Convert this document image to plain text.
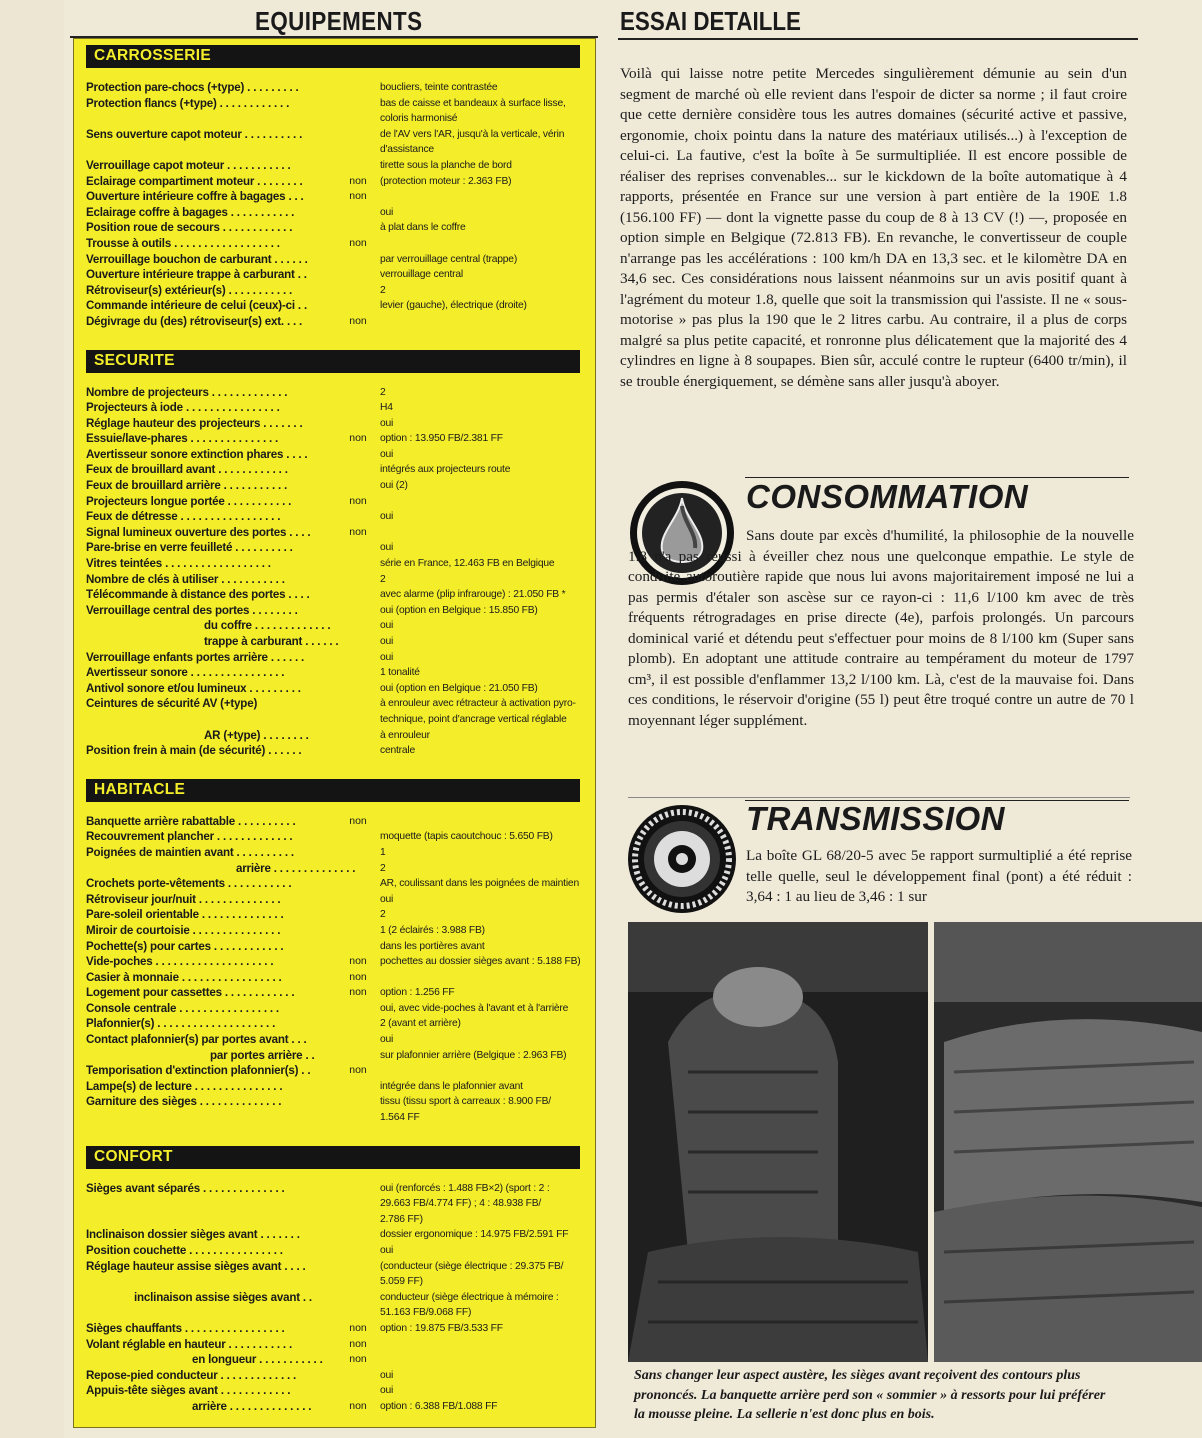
EQUIPEMENTS
CARROSSERIE
Protection pare-chocs (+type) . . . . . . . . .	boucliers, teinte contrastée
Protection flancs (+type) . . . . . . . . . . . .	bas de caisse et bandeaux à surface lisse,
coloris harmonisé
Sens ouverture capot moteur . . . . . . . . . .	de l'AV vers l'AR, jusqu'à la verticale, vérin
d'assistance
Verrouillage capot moteur . . . . . . . . . . .	tirette sous la planche de bord
Eclairage compartiment moteur . . . . . . . .	non	(protection moteur : 2.363 FB)
Ouverture intérieure coffre à bagages . . .	non
Eclairage coffre à bagages . . . . . . . . . . .	oui
Position roue de secours . . . . . . . . . . . .	à plat dans le coffre
Trousse à outils . . . . . . . . . . . . . . . . . .	non
Verrouillage bouchon de carburant . . . . . .	par verrouillage central (trappe)
Ouverture intérieure trappe à carburant . .	verrouillage central
Rétroviseur(s) extérieur(s) . . . . . . . . . . .	2
Commande intérieure de celui (ceux)-ci . .	levier (gauche), électrique (droite)
Dégivrage du (des) rétroviseur(s) ext. . . .	non
SECURITE
Nombre de projecteurs . . . . . . . . . . . . .	2
Projecteurs à iode . . . . . . . . . . . . . . . .	H4
Réglage hauteur des projecteurs . . . . . . .	oui
Essuie/lave-phares . . . . . . . . . . . . . . .	non	option : 13.950 FB/2.381 FF
Avertisseur sonore extinction phares . . . .	oui
Feux de brouillard avant . . . . . . . . . . . .	intégrés aux projecteurs route
Feux de brouillard arrière . . . . . . . . . . .	oui (2)
Projecteurs longue portée . . . . . . . . . . .	non
Feux de détresse . . . . . . . . . . . . . . . . .	oui
Signal lumineux ouverture des portes . . . .	non
Pare-brise en verre feuilleté . . . . . . . . . .	oui
Vitres teintées . . . . . . . . . . . . . . . . . .	série en France, 12.463 FB en Belgique
Nombre de clés à utiliser . . . . . . . . . . .	2
Télécommande à distance des portes . . . .	avec alarme (plip infrarouge) : 21.050 FB *
Verrouillage central des portes . . . . . . . .	oui (option en Belgique : 15.850 FB)
du coffre . . . . . . . . . . . . .	oui
trappe à carburant . . . . . .	oui
Verrouillage enfants portes arrière . . . . . .	oui
Avertisseur sonore . . . . . . . . . . . . . . . .	1 tonalité
Antivol sonore et/ou lumineux . . . . . . . . .	oui (option en Belgique : 21.050 FB)
Ceintures de sécurité AV (+type)	à enrouleur avec rétracteur à activation pyro-
technique, point d'ancrage vertical réglable
AR (+type) . . . . . . . .	à enrouleur
Position frein à main (de sécurité) . . . . . .	centrale
HABITACLE
Banquette arrière rabattable . . . . . . . . . .	non
Recouvrement plancher . . . . . . . . . . . . .	moquette (tapis caoutchouc : 5.650 FB)
Poignées de maintien avant . . . . . . . . . .	1
arrière . . . . . . . . . . . . . . 2
Crochets porte-vêtements . . . . . . . . . . .	AR, coulissant dans les poignées de maintien
Rétroviseur jour/nuit . . . . . . . . . . . . . .	oui
Pare-soleil orientable . . . . . . . . . . . . . .	2
Miroir de courtoisie . . . . . . . . . . . . . . .	1 (2 éclairés : 3.988 FB)
Pochette(s) pour cartes . . . . . . . . . . . .	dans les portières avant
Vide-poches . . . . . . . . . . . . . . . . . . . .	non	pochettes au dossier sièges avant : 5.188 FB)
Casier à monnaie . . . . . . . . . . . . . . . . .	non
Logement pour cassettes . . . . . . . . . . . .	non	option : 1.256 FF
Console centrale . . . . . . . . . . . . . . . . .	oui, avec vide-poches à l'avant et à l'arrière
Plafonnier(s) . . . . . . . . . . . . . . . . . . . .	2 (avant et arrière)
Contact plafonnier(s) par portes avant . . .	oui
par portes arrière . .	sur plafonnier arrière (Belgique : 2.963 FB)
Temporisation d'extinction plafonnier(s) . .	non
Lampe(s) de lecture . . . . . . . . . . . . . . .	intégrée dans le plafonnier avant
Garniture des sièges . . . . . . . . . . . . . .	tissu (tissu sport à carreaux : 8.900 FB/
1.564 FF
CONFORT
Sièges avant séparés . . . . . . . . . . . . . .	oui (renforcés : 1.488 FB×2) (sport : 2 :
29.663 FB/4.774 FF) ; 4 : 48.938 FB/
2.786 FF)
Inclinaison dossier sièges avant . . . . . . .	dossier ergonomique : 14.975 FB/2.591 FF
Position couchette . . . . . . . . . . . . . . . .	oui
Réglage hauteur assise sièges avant . . . .	(conducteur (siège électrique : 29.375 FB/
5.059 FF)
inclinaison assise sièges avant . .	conducteur (siège électrique à mémoire :
51.163 FB/9.068 FF)
Sièges chauffants . . . . . . . . . . . . . . . . .	non	option : 19.875 FB/3.533 FF
Volant réglable en hauteur . . . . . . . . . . .	non
en longueur . . . . . . . . . . .	non
Repose-pied conducteur . . . . . . . . . . . . .	oui
Appuis-tête sièges avant . . . . . . . . . . . .	oui
arrière . . . . . . . . . . . . . .	non	option : 6.388 FB/1.088 FF
ESSAI DETAILLE
Voilà qui laisse notre petite Mercedes singulièrement démunie au sein d'un segment de marché où elle revient dans l'espoir de dicter sa norme ; il faut croire que cette dernière considère tous les autres domaines (sécurité active et passive, ergonomie, choix pointu dans la nature des matériaux utilisés...) à l'exception de celui-ci. La fautive, c'est la boîte à 5e surmultipliée. Il est encore possible de réaliser des reprises convenables... sur le kickdown de la boîte automatique à 4 rapports, présentée en France sur une version à part entière de la 190E 1.8 (156.100 FF) — dont la vignette passe du coup de 8 à 13 CV (!) —, proposée en option simple en Belgique (72.813 FB). En revanche, le convertisseur de couple n'arrange pas les accélérations : 100 km/h DA en 13,3 sec. et le kilomètre DA en 34,6 sec. Ces considérations nous laissent néanmoins sur un avis positif quant à l'agrément du moteur 1.8, quelle que soit la transmission qui l'assiste. Il ne « sous-motorise » pas plus la 190 que le 2 litres carbu. Au contraire, il a plus de corps malgré sa plus petite capacité, et ronronne plus délicatement que la majorité des 4 cylindres en ligne à 8 soupapes. Bien sûr, acculé contre le rupteur (6400 tr/min), il se trouble énergiquement, se démène sans aller jusqu'à aboyer.
CONSOMMATION
Sans doute par excès d'humilité, la philosophie de la nouvelle 1.8 n'a pas réussi à éveiller chez nous une quelconque empathie. Le style de conduite autoroutière rapide que nous lui avons majoritairement imposé ne lui a pas permis d'étaler son ascèse sur ce rayon-ci : 11,6 l/100 km avec de très fréquents rétrogradages en prise directe (4e), parfois prolongés. Un parcours dominical varié et détendu peut s'effectuer pour moins de 8 l/100 km (Super sans plomb). En adoptant une attitude contraire au tempérament du moteur de 1797 cm³, il est possible d'enflammer 13,2 l/100 km. Là, c'est de la mauvaise foi. Dans ces conditions, le réservoir d'origine (55 l) peut être troqué contre un autre de 70 l moyennant léger supplément.
TRANSMISSION
La boîte GL 68/20-5 avec 5e rapport surmultiplié a été reprise telle quelle, seul le développement final (pont) a été réduit : 3,64 : 1 au lieu de 3,46 : 1 sur
Sans changer leur aspect austère, les sièges avant reçoivent des contours plus prononcés. La banquette arrière perd son « sommier » à ressorts pour lui préférer la mousse pleine. La sellerie n'est donc plus en bois.
